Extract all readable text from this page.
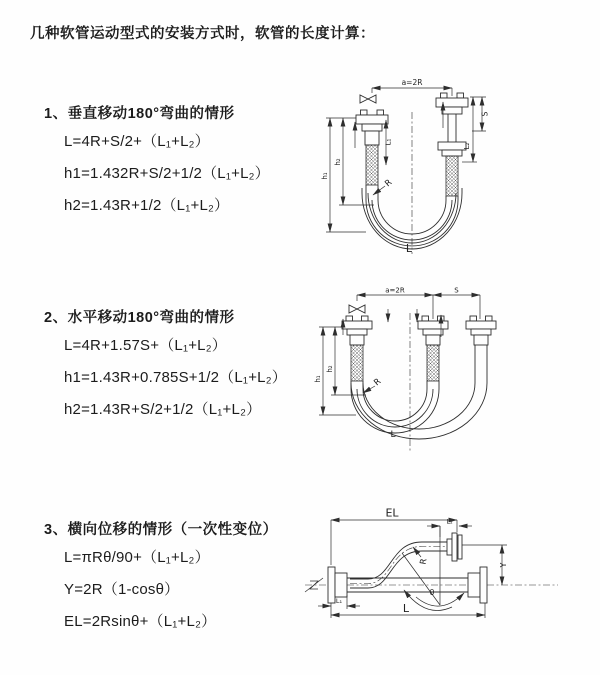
几种软管运动型式的安装方式时，软管的长度计算：
1、垂直移动180°弯曲的情形
L=4R+S/2+（L₁+L₂）
h1=1.432R+S/2+1/2（L₁+L₂）
h2=1.43R+1/2（L₁+L₂）
2、水平移动180°弯曲的情形
L=4R+1.57S+（L₁+L₂）
h1=1.43R+0.785S+1/2（L₁+L₂）
h2=1.43R+S/2+1/2（L₁+L₂）
3、横向位移的情形（一次性变位）
L=πRθ/90+（L₁+L₂）
Y=2R（1-cosθ）
EL=2Rsinθ+（L₁+L₂）
a=2R
L₁
h₁
h₂
S
L₂
R
L
a=2R	S
h₁
h₂
R
L
θ
R
EL
L₂
Y
L₁
L
